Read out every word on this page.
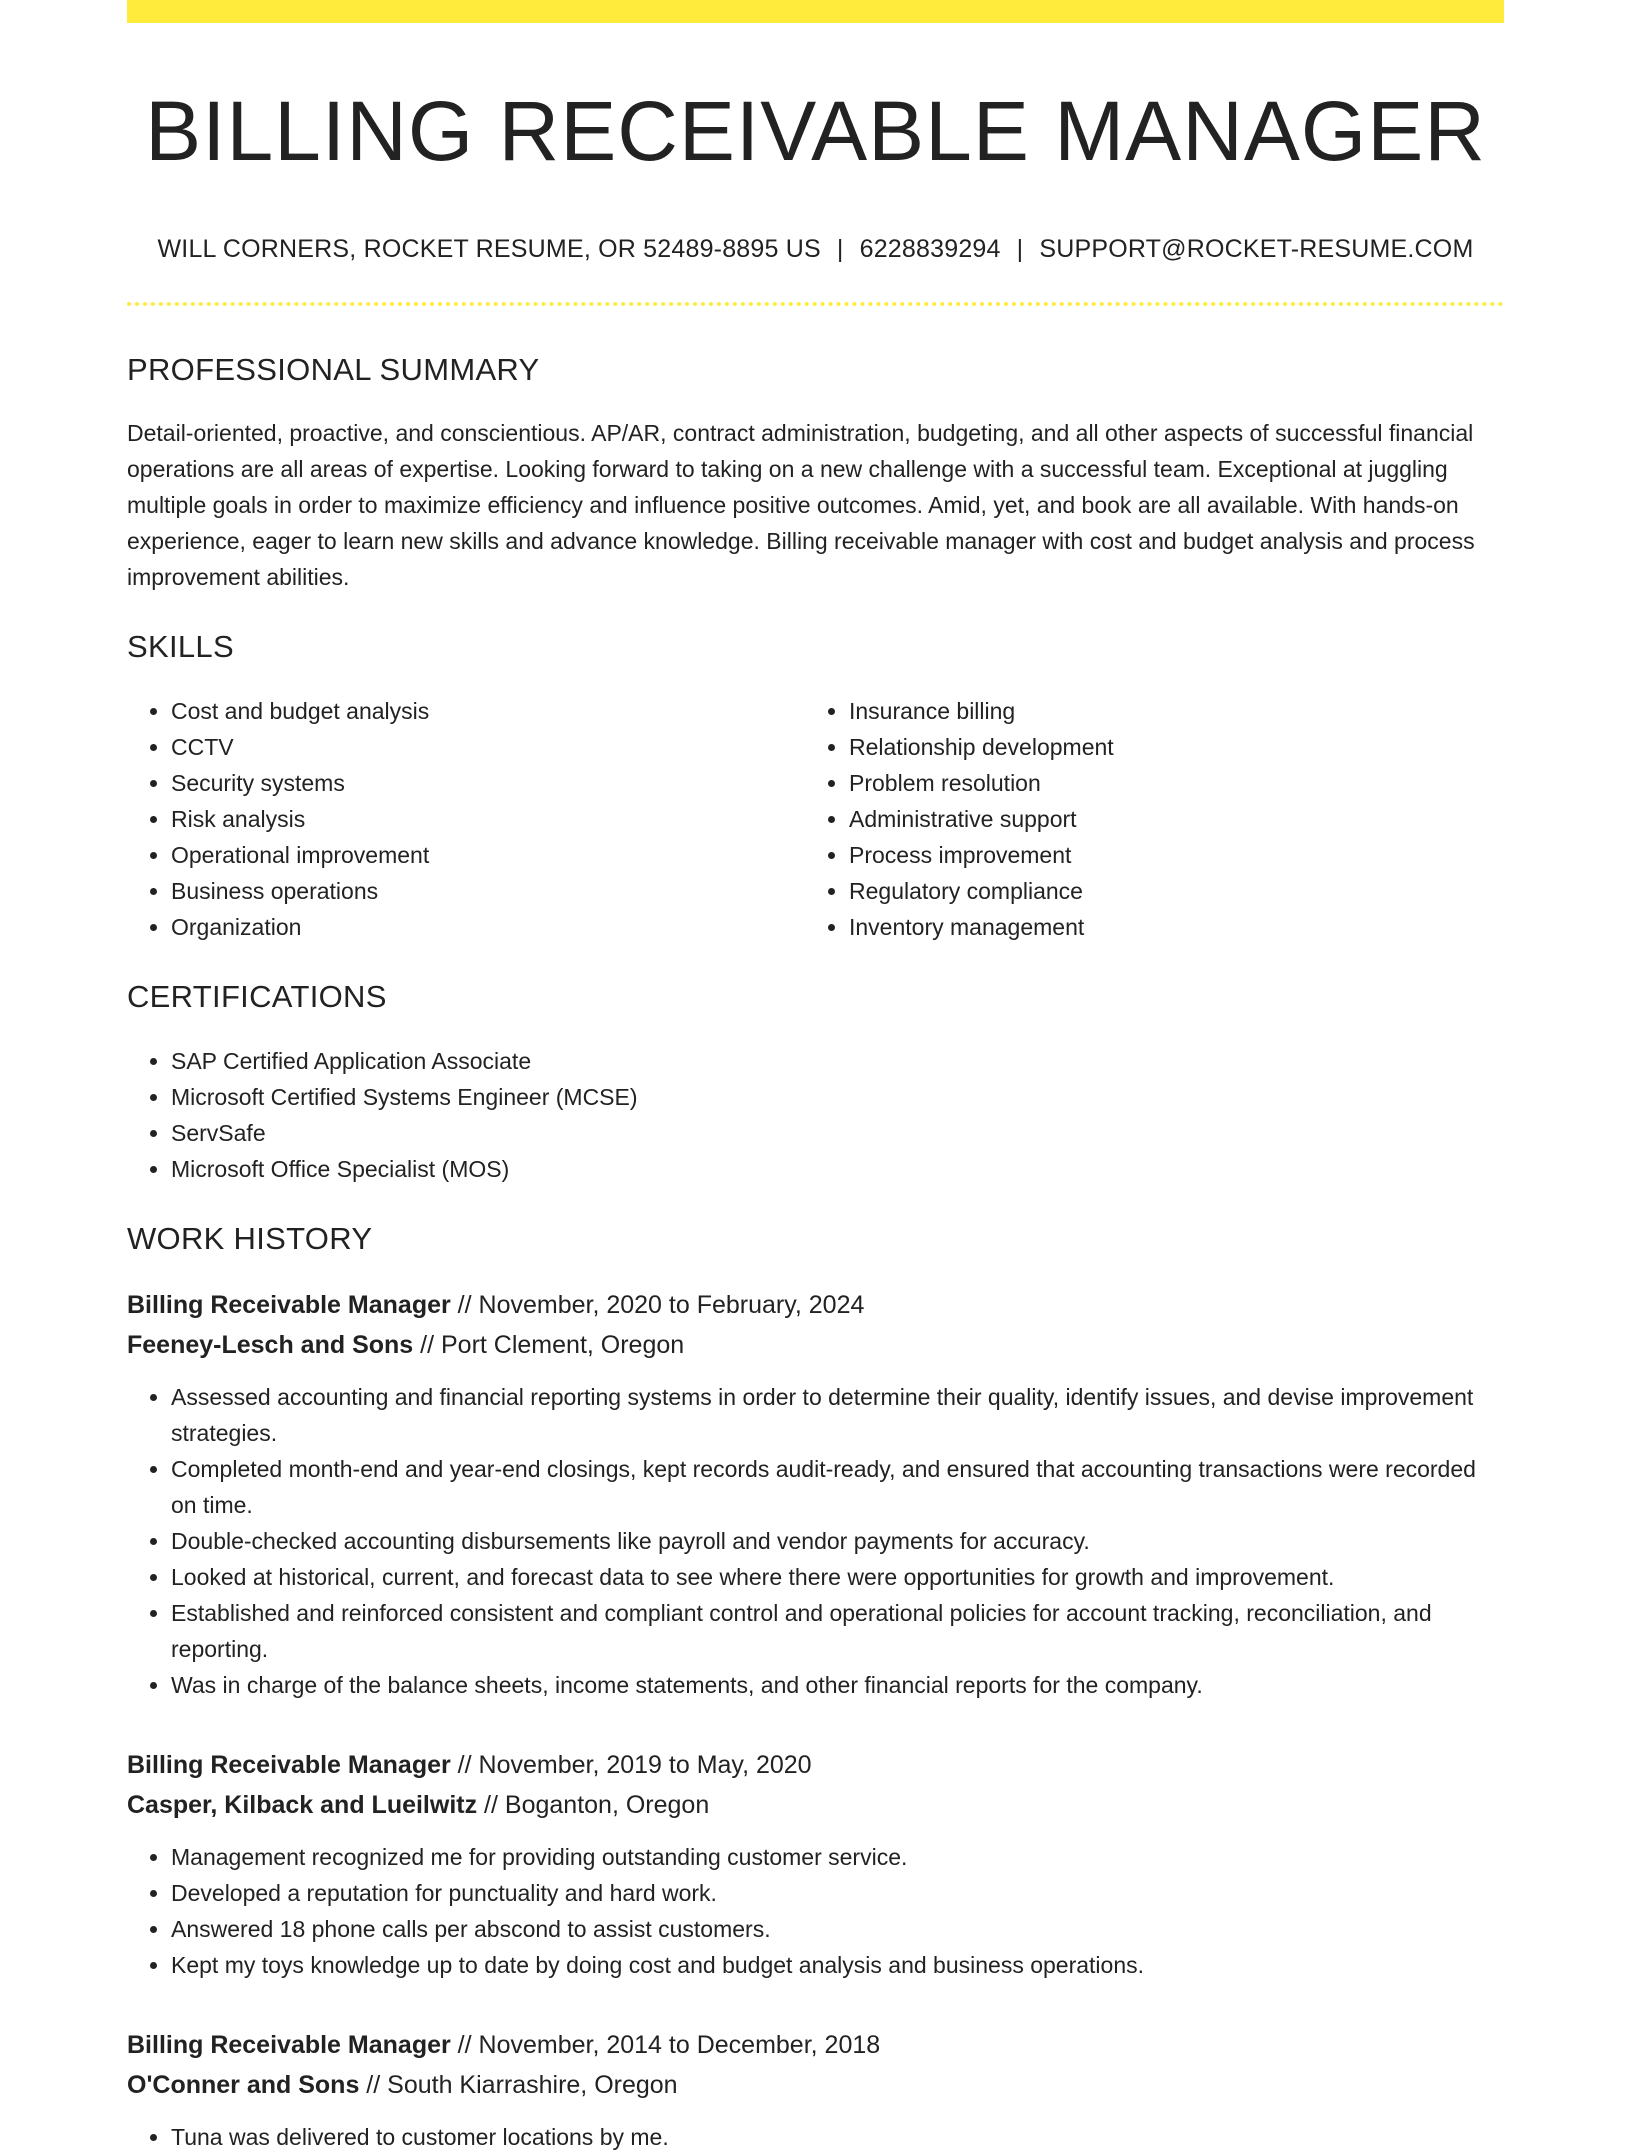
BILLING RECEIVABLE MANAGER
WILL CORNERS, ROCKET RESUME, OR 52489-8895 US | 6228839294 | SUPPORT@ROCKET-RESUME.COM
PROFESSIONAL SUMMARY

Detail-oriented, proactive, and conscientious. AP/AR, contract administration, budgeting, and all other aspects of successful financial operations are all areas of expertise. Looking forward to taking on a new challenge with a successful team. Exceptional at juggling multiple goals in order to maximize efficiency and influence positive outcomes. Amid, yet, and book are all available. With hands-on experience, eager to learn new skills and advance knowledge. Billing receivable manager with cost and budget analysis and process improvement abilities.

SKILLS
• Cost and budget analysis
• CCTV
• Security systems
• Risk analysis
• Operational improvement
• Business operations
• Organization
• Insurance billing
• Relationship development
• Problem resolution
• Administrative support
• Process improvement
• Regulatory compliance
• Inventory management
CERTIFICATIONS
• SAP Certified Application Associate
• Microsoft Certified Systems Engineer (MCSE)
• ServSafe
• Microsoft Office Specialist (MOS)
WORK HISTORY
Billing Receivable Manager // November, 2020 to February, 2024
Feeney-Lesch and Sons // Port Clement, Oregon
• Assessed accounting and financial reporting systems in order to determine their quality, identify issues, and devise improvement strategies.
• Completed month-end and year-end closings, kept records audit-ready, and ensured that accounting transactions were recorded on time.
• Double-checked accounting disbursements like payroll and vendor payments for accuracy.
• Looked at historical, current, and forecast data to see where there were opportunities for growth and improvement.
• Established and reinforced consistent and compliant control and operational policies for account tracking, reconciliation, and reporting.
• Was in charge of the balance sheets, income statements, and other financial reports for the company.
Billing Receivable Manager // November, 2019 to May, 2020
Casper, Kilback and Lueilwitz // Boganton, Oregon
• Management recognized me for providing outstanding customer service.
• Developed a reputation for punctuality and hard work.
• Answered 18 phone calls per abscond to assist customers.
• Kept my toys knowledge up to date by doing cost and budget analysis and business operations.
Billing Receivable Manager // November, 2014 to December, 2018
O'Conner and Sons // South Kiarrashire, Oregon
• Tuna was delivered to customer locations by me.
